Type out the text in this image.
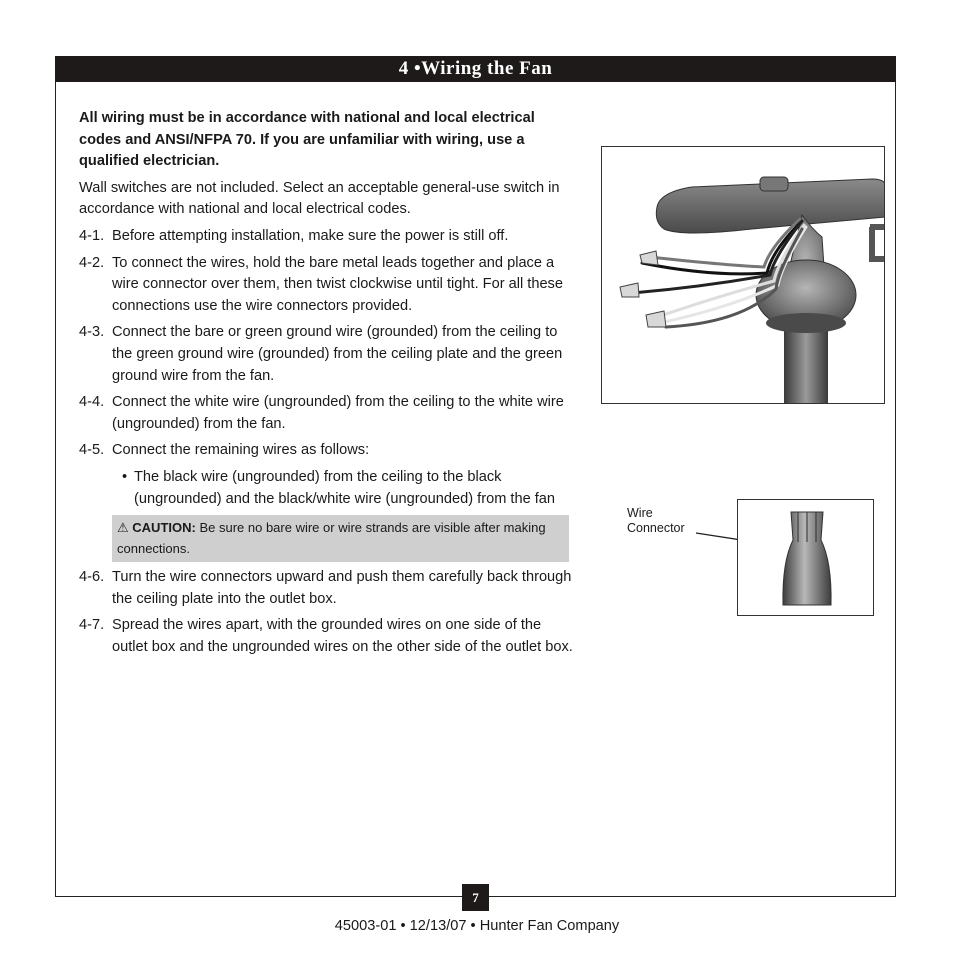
4 •Wiring the Fan

All wiring must be in accordance with national and local electrical codes and ANSI/NFPA 70. If you are unfamiliar with wiring, use a qualified electrician.

Wall switches are not included. Select an acceptable general-use switch in accordance with national and local electrical codes.

4-1. Before attempting installation, make sure the power is still off.
4-2. To connect the wires, hold the bare metal leads together and place a wire connector over them, then twist clockwise until tight. For all these connections use the wire connectors provided.
4-3. Connect the bare or green ground wire (grounded) from the ceiling to the green ground wire (grounded) from the ceiling plate and the green ground wire from the fan.
4-4. Connect the white wire (ungrounded) from the ceiling to the white wire (ungrounded) from the fan.
4-5. Connect the remaining wires as follows:
• The black wire (ungrounded) from the ceiling to the black (ungrounded) and the black/white wire (ungrounded) from the fan
⚠ CAUTION: Be sure no bare wire or wire strands are visible after making connections.
4-6. Turn the wire connectors upward and push them carefully back through the ceiling plate into the outlet box.
4-7. Spread the wires apart, with the grounded wires on one side of the outlet box and the ungrounded wires on the other side of the outlet box.
Wire
Connector
7
45003-01 • 12/13/07 • Hunter Fan Company
